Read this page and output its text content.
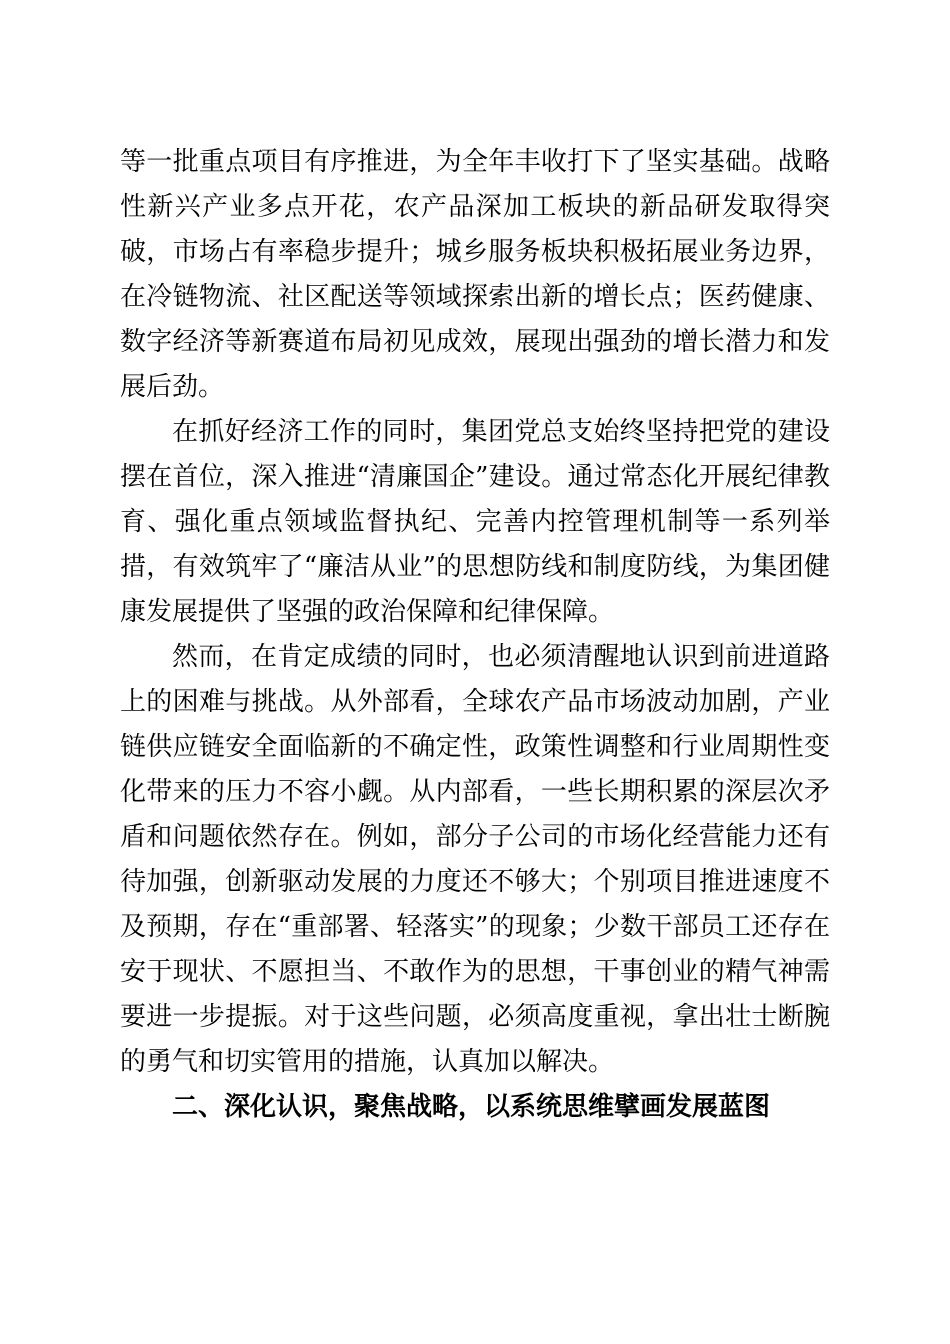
等一批重点项目有序推进，为全年丰收打下了坚实基础。战略性新兴产业多点开花，农产品深加工板块的新品研发取得突破，市场占有率稳步提升；城乡服务板块积极拓展业务边界，在冷链物流、社区配送等领域探索出新的增长点；医药健康、数字经济等新赛道布局初见成效，展现出强劲的增长潜力和发展后劲。

在抓好经济工作的同时，集团党总支始终坚持把党的建设摆在首位，深入推进“清廉国企”建设。通过常态化开展纪律教育、强化重点领域监督执纪、完善内控管理机制等一系列举措，有效筑牢了“廉洁从业”的思想防线和制度防线，为集团健康发展提供了坚强的政治保障和纪律保障。

然而，在肯定成绩的同时，也必须清醒地认识到前进道路上的困难与挑战。从外部看，全球农产品市场波动加剧，产业链供应链安全面临新的不确定性，政策性调整和行业周期性变化带来的压力不容小觑。从内部看，一些长期积累的深层次矛盾和问题依然存在。例如，部分子公司的市场化经营能力还有待加强，创新驱动发展的力度还不够大；个别项目推进速度不及预期，存在“重部署、轻落实”的现象；少数干部员工还存在安于现状、不愿担当、不敢作为的思想，干事创业的精气神需要进一步提振。对于这些问题，必须高度重视，拿出壮士断腕的勇气和切实管用的措施，认真加以解决。

二、深化认识，聚焦战略，以系统思维擘画发展蓝图
